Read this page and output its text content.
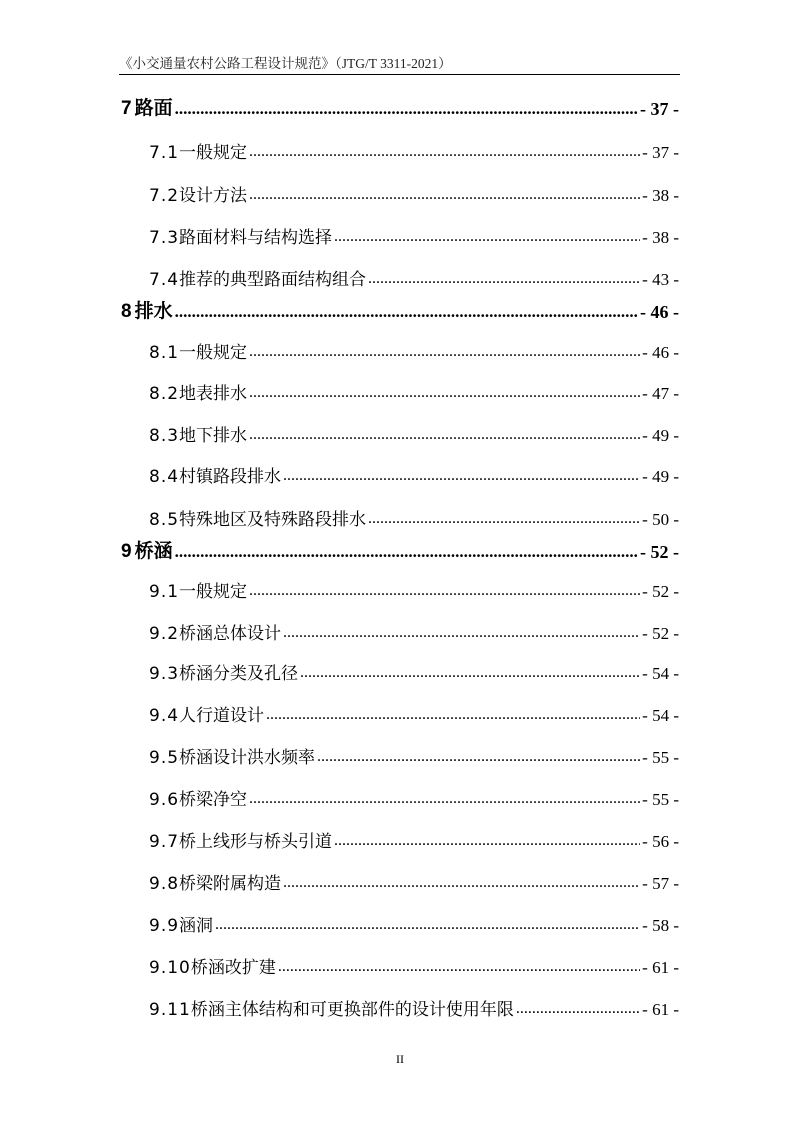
《小交通量农村公路工程设计规范》（JTG/T 3311-2021）
7 路面 .....	- 37 -
7.1 一般规定 .....	- 37 -
7.2 设计方法 .....	- 38 -
7.3 路面材料与结构选择 .....	- 38 -
7.4 推荐的典型路面结构组合 .....	- 43 -
8 排水 .....	- 46 -
8.1 一般规定 .....	- 46 -
8.2 地表排水 .....	- 47 -
8.3 地下排水 .....	- 49 -
8.4 村镇路段排水 .....	- 49 -
8.5 特殊地区及特殊路段排水 .....	- 50 -
9 桥涵 .....	- 52 -
9.1 一般规定 .....	- 52 -
9.2 桥涵总体设计 .....	- 52 -
9.3 桥涵分类及孔径 .....	- 54 -
9.4 人行道设计 .....	- 54 -
9.5 桥涵设计洪水频率 .....	- 55 -
9.6 桥梁净空 .....	- 55 -
9.7 桥上线形与桥头引道 .....	- 56 -
9.8 桥梁附属构造 .....	- 57 -
9.9 涵洞 .....	- 58 -
9.10 桥涵改扩建 .....	- 61 -
9.11 桥涵主体结构和可更换部件的设计使用年限 .....	- 61 -
II
